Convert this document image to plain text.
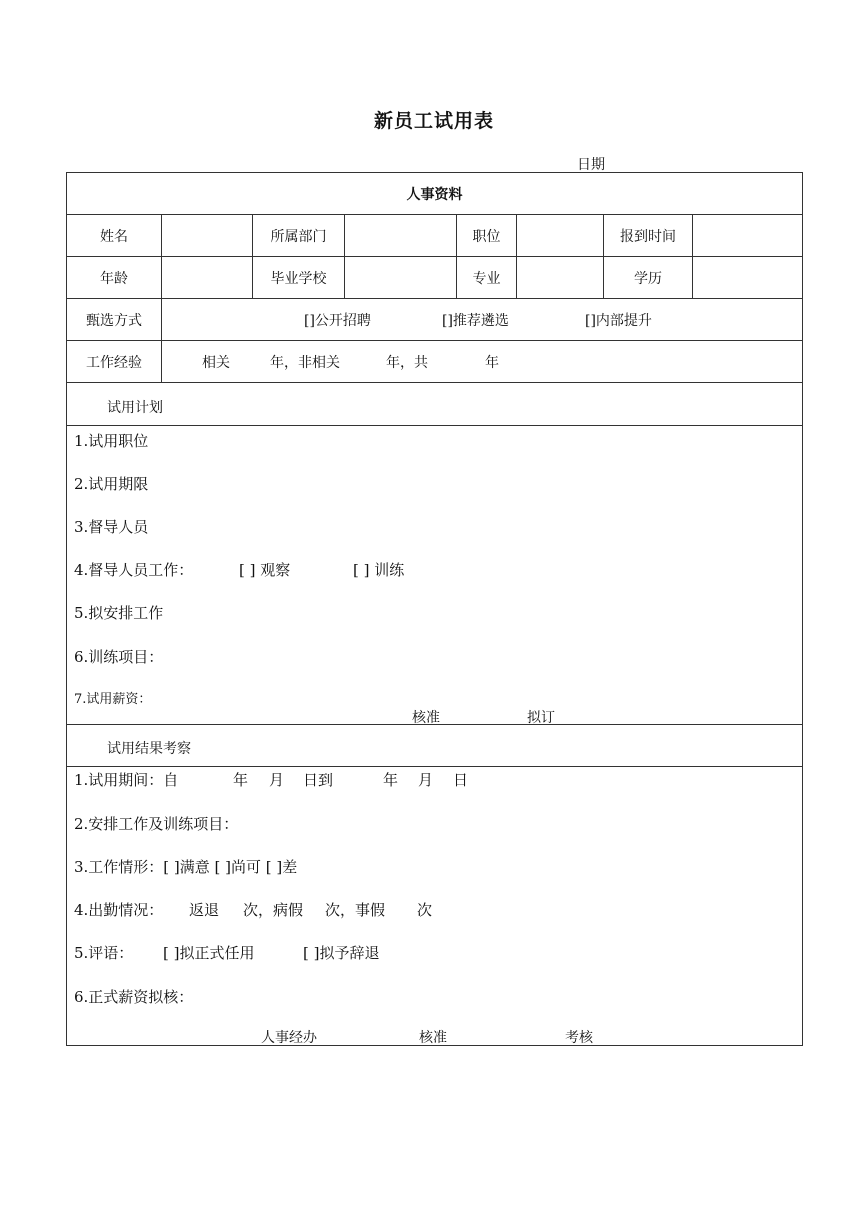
新员工试用表
日期
人事资料
姓名	所属部门	职位	报到时间
年龄	毕业学校	专业	学历
甄选方式	[]公开招聘	[]推荐遴选	[]内部提升
工作经验	相关	年，非相关	年，共	年
试用计划
1.试用职位
2.试用期限
3.督导人员
4.督导人员工作：	[ ] 观察	[ ] 训练
5.拟安排工作
6.训练项目：
7.试用薪资：
核准	拟订
试用结果考察
1.试用期间：自	年 月 日到	年 月 日
2.安排工作及训练项目：
3.工作情形：[ ]满意 [ ]尚可 [ ]差
4.出勤情况： 返退 次，病假 次，事假 次
5.评语： [ ]拟正式任用	[ ]拟予辞退
6.正式薪资拟核：
人事经办	核准	考核
